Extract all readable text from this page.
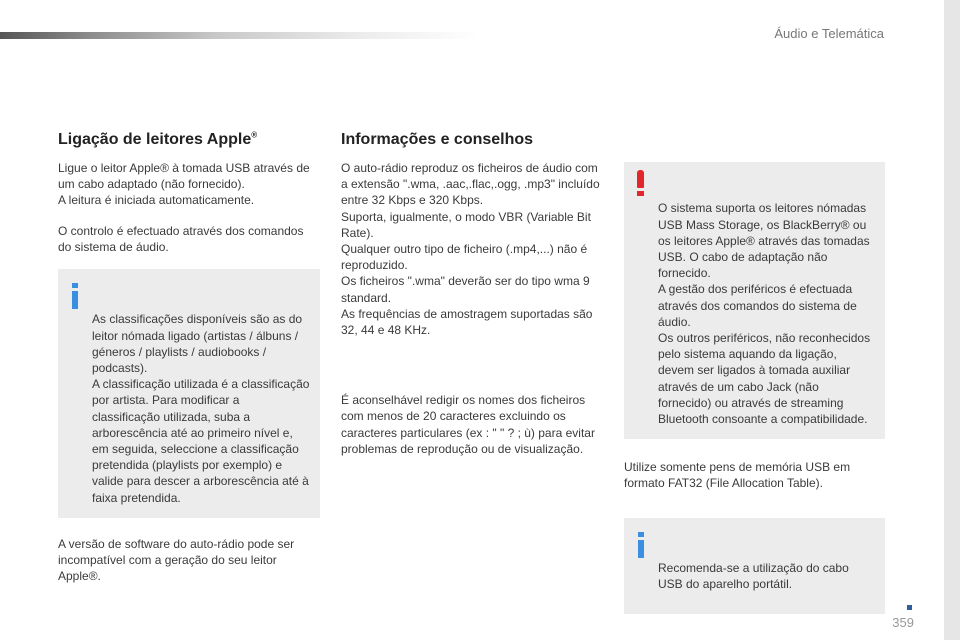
Áudio e Telemática
Ligação de leitores Apple®

Ligue o leitor Apple® à tomada USB através de um cabo adaptado (não fornecido).
A leitura é iniciada automaticamente.

O controlo é efectuado através dos comandos do sistema de áudio.

As classificações disponíveis são as do leitor nómada ligado (artistas / álbuns / géneros / playlists / audiobooks / podcasts).
A classificação utilizada é a classificação por artista. Para modificar a classificação utilizada, suba a arborescência até ao primeiro nível e, em seguida, seleccione a classificação pretendida (playlists por exemplo) e valide para descer a arborescência até à faixa pretendida.

A versão de software do auto-rádio pode ser incompatível com a geração do seu leitor Apple®.

Informações e conselhos

O auto-rádio reproduz os ficheiros de áudio com a extensão ".wma, .aac,.flac,.ogg, .mp3" incluído entre 32 Kbps e 320 Kbps.
Suporta, igualmente, o modo VBR (Variable Bit Rate).
Qualquer outro tipo de ficheiro (.mp4,...) não é reproduzido.
Os ficheiros ".wma" deverão ser do tipo wma 9 standard.
As frequências de amostragem suportadas são 32, 44 e 48 KHz.

É aconselhável redigir os nomes dos ficheiros com menos de 20 caracteres excluindo os caracteres particulares (ex : " " ? ; ù) para evitar problemas de reprodução ou de visualização.

O sistema suporta os leitores nómadas USB Mass Storage, os BlackBerry® ou os leitores Apple® através das tomadas USB. O cabo de adaptação não fornecido.
A gestão dos periféricos é efectuada através dos comandos do sistema de áudio.
Os outros periféricos, não reconhecidos pelo sistema aquando da ligação, devem ser ligados à tomada auxiliar através de um cabo Jack (não fornecido) ou através de streaming Bluetooth consoante a compatibilidade.

Utilize somente pens de memória USB em formato FAT32 (File Allocation Table).

Recomenda-se a utilização do cabo USB do aparelho portátil.

359
